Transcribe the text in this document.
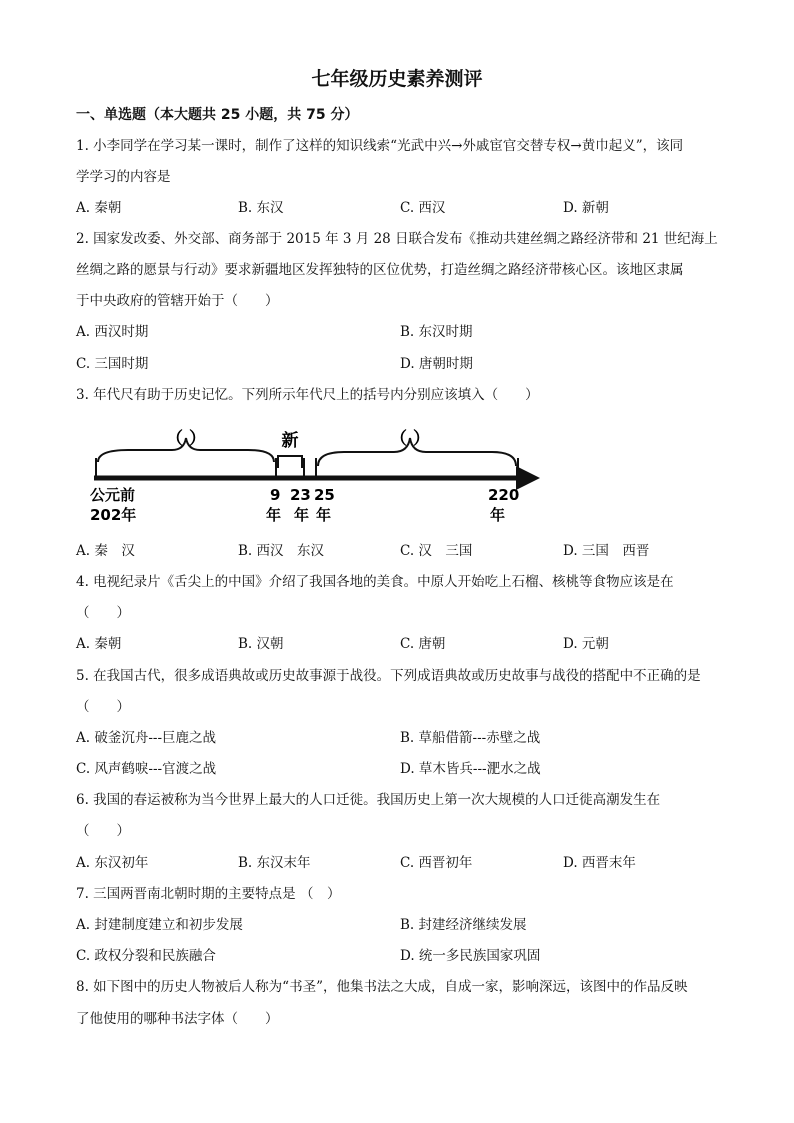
七年级历史素养测评
一、单选题（本大题共 25 小题，共 75 分）
1. 小李同学在学习某一课时，制作了这样的知识线索“光武中兴→外戚宦官交替专权→黄巾起义”，该同
学学习的内容是
A. 秦朝	B. 东汉	C. 西汉	D. 新朝
2. 国家发改委、外交部、商务部于 2015 年 3 月 28 日联合发布《推动共建丝绸之路经济带和 21 世纪海上
丝绸之路的愿景与行动》要求新疆地区发挥独特的区位优势，打造丝绸之路经济带核心区。该地区隶属
于中央政府的管辖开始于（　　）
A. 西汉时期	B. 东汉时期
C. 三国时期	D. 唐朝时期
3. 年代尺有助于历史记忆。下列所示年代尺上的括号内分别应该填入（　　）
（ ）	新	（ ）
公元前
202年
9
年
23
年
25
年
220
年
A. 秦　汉	B. 西汉　东汉	C. 汉　三国	D. 三国　西晋
4. 电视纪录片《舌尖上的中国》介绍了我国各地的美食。中原人开始吃上石榴、核桃等食物应该是在
（　　）
A. 秦朝	B. 汉朝	C. 唐朝	D. 元朝
5. 在我国古代，很多成语典故或历史故事源于战役。下列成语典故或历史故事与战役的搭配中不正确的是
（　　）
A. 破釜沉舟---巨鹿之战	B. 草船借箭---赤壁之战
C. 风声鹤唳---官渡之战	D. 草木皆兵---淝水之战
6. 我国的春运被称为当今世界上最大的人口迁徙。我国历史上第一次大规模的人口迁徙高潮发生在
（　　）
A. 东汉初年	B. 东汉末年	C. 西晋初年	D. 西晋末年
7. 三国两晋南北朝时期的主要特点是 （　）
A. 封建制度建立和初步发展	B. 封建经济继续发展
C. 政权分裂和民族融合	D. 统一多民族国家巩固
8. 如下图中的历史人物被后人称为“书圣”，他集书法之大成，自成一家，影响深远，该图中的作品反映
了他使用的哪种书法字体（　　）
